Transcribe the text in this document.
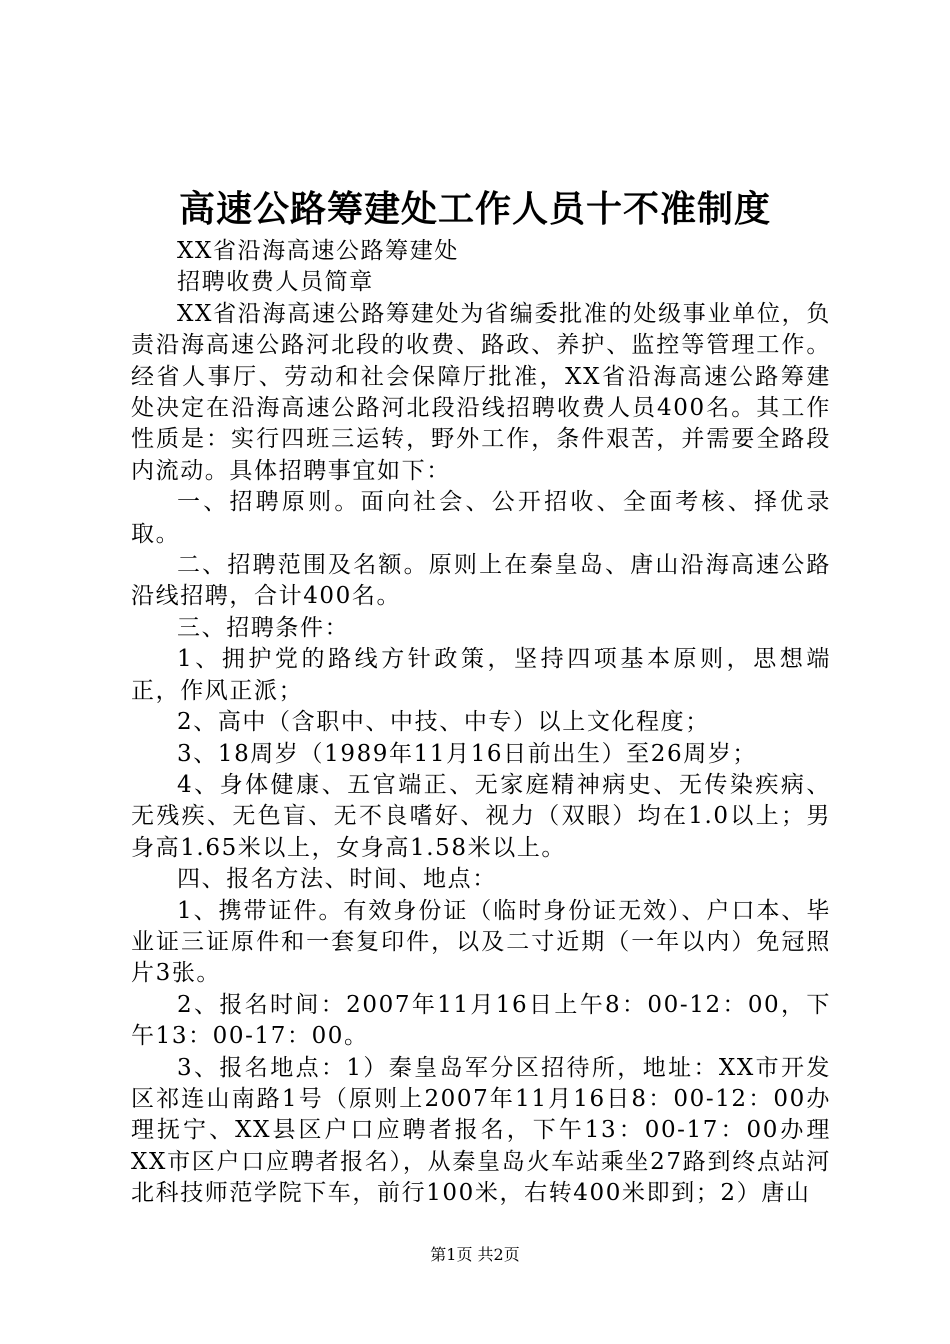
高速公路筹建处工作人员十不准制度

XX省沿海高速公路筹建处

招聘收费人员简章

XX省沿海高速公路筹建处为省编委批准的处级事业单位，负责沿海高速公路河北段的收费、路政、养护、监控等管理工作。经省人事厅、劳动和社会保障厅批准，XX省沿海高速公路筹建处决定在沿海高速公路河北段沿线招聘收费人员400名。其工作性质是：实行四班三运转，野外工作，条件艰苦，并需要全路段内流动。具体招聘事宜如下：

一、招聘原则。面向社会、公开招收、全面考核、择优录取。

二、招聘范围及名额。原则上在秦皇岛、唐山沿海高速公路沿线招聘，合计400名。

三、招聘条件：

1、拥护党的路线方针政策，坚持四项基本原则，思想端正，作风正派；

2、高中（含职中、中技、中专）以上文化程度；

3、18周岁（1989年11月16日前出生）至26周岁；

4、身体健康、五官端正、无家庭精神病史、无传染疾病、无残疾、无色盲、无不良嗜好、视力（双眼）均在1.0以上；男身高1.65米以上，女身高1.58米以上。

四、报名方法、时间、地点：

1、携带证件。有效身份证（临时身份证无效）、户口本、毕业证三证原件和一套复印件，以及二寸近期（一年以内）免冠照片3张。

2、报名时间：2007年11月16日上午8：00-12：00，下午13：00-17：00。

3、报名地点：1）秦皇岛军分区招待所，地址：XX市开发区祁连山南路1号（原则上2007年11月16日8：00-12：00办理抚宁、XX县区户口应聘者报名，下午13：00-17：00办理XX市区户口应聘者报名），从秦皇岛火车站乘坐27路到终点站河北科技师范学院下车，前行100米，右转400米即到；2）唐山

第1页 共2页
